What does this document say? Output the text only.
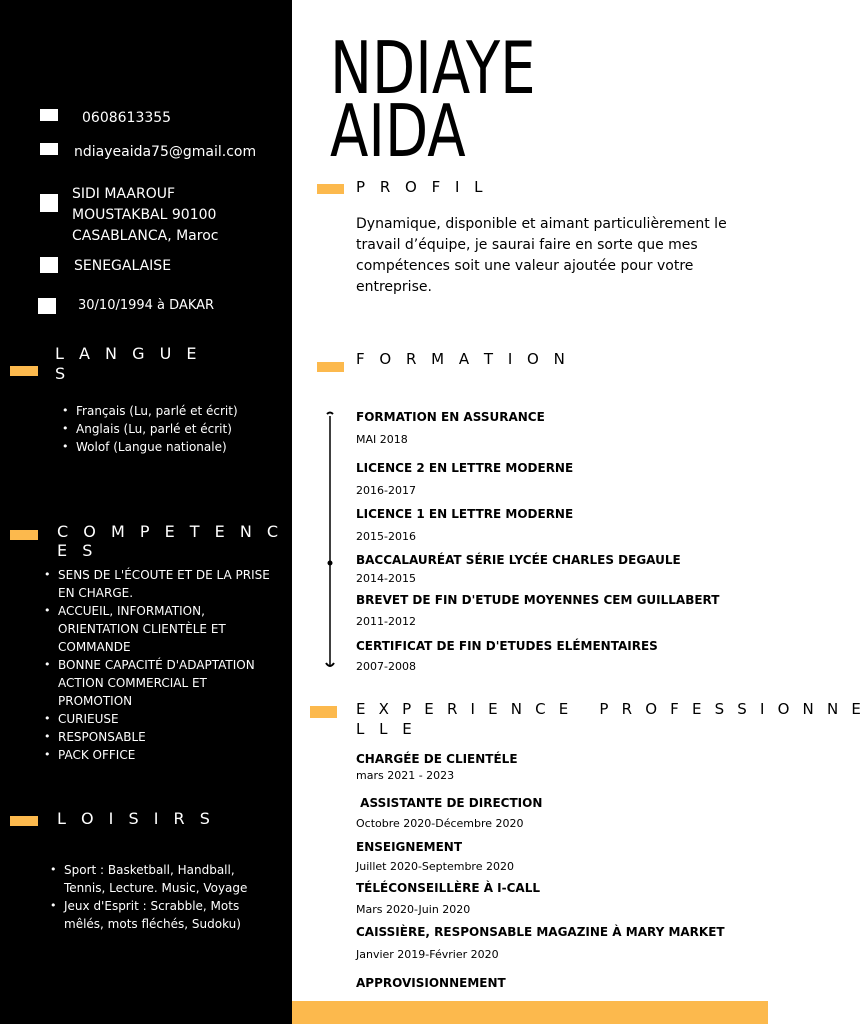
0608613355
ndiayeaida75@gmail.com
SIDI MAAROUF
MOUSTAKBAL 90100
CASABLANCA, Maroc
SENEGALAISE
30/10/1994 à DAKAR
L A N G U E
S
• Français (Lu, parlé et écrit)
• Anglais (Lu, parlé et écrit)
• Wolof (Langue nationale)
C O M P E T E N C E S
• SENS DE L'ÉCOUTE ET DE LA PRISE EN CHARGE.
• ACCUEIL, INFORMATION, ORIENTATION CLIENTÈLE ET COMMANDE
• BONNE CAPACITÉ D'ADAPTATION ACTION COMMERCIAL ET PROMOTION
• CURIEUSE
• RESPONSABLE
• PACK OFFICE
L O I S I R S
• Sport : Basketball, Handball, Tennis, Lecture. Music, Voyage
• Jeux d'Esprit : Scrabble, Mots mêlés, mots fléchés, Sudoku)
NDIAYE
AIDA
P R O F I L
Dynamique, disponible et aimant particulièrement le travail d’équipe, je saurai faire en sorte que mes compétences soit une valeur ajoutée pour votre entreprise.
F O R M A T I O N
FORMATION EN ASSURANCE
MAI 2018
LICENCE 2 EN LETTRE MODERNE
2016-2017
LICENCE 1 EN LETTRE MODERNE
2015-2016
BACCALAURÉAT SÉRIE LYCÉE CHARLES DEGAULE
2014-2015
BREVET DE FIN D'ETUDE MOYENNES CEM GUILLABERT
2011-2012
CERTIFICAT DE FIN D'ETUDES ELÉMENTAIRES
2007-2008
E X P E R I E N C E   P R O F E S S I O N N E
L L E
CHARGÉE DE CLIENTÉLE
mars 2021 - 2023
ASSISTANTE DE DIRECTION
Octobre 2020-Décembre 2020
ENSEIGNEMENT
Juillet 2020-Septembre 2020
TÉLÉCONSEILLÈRE À I-CALL
Mars 2020-Juin 2020
CAISSIÈRE, RESPONSABLE MAGAZINE À MARY MARKET
Janvier 2019-Février 2020
APPROVISIONNEMENT
